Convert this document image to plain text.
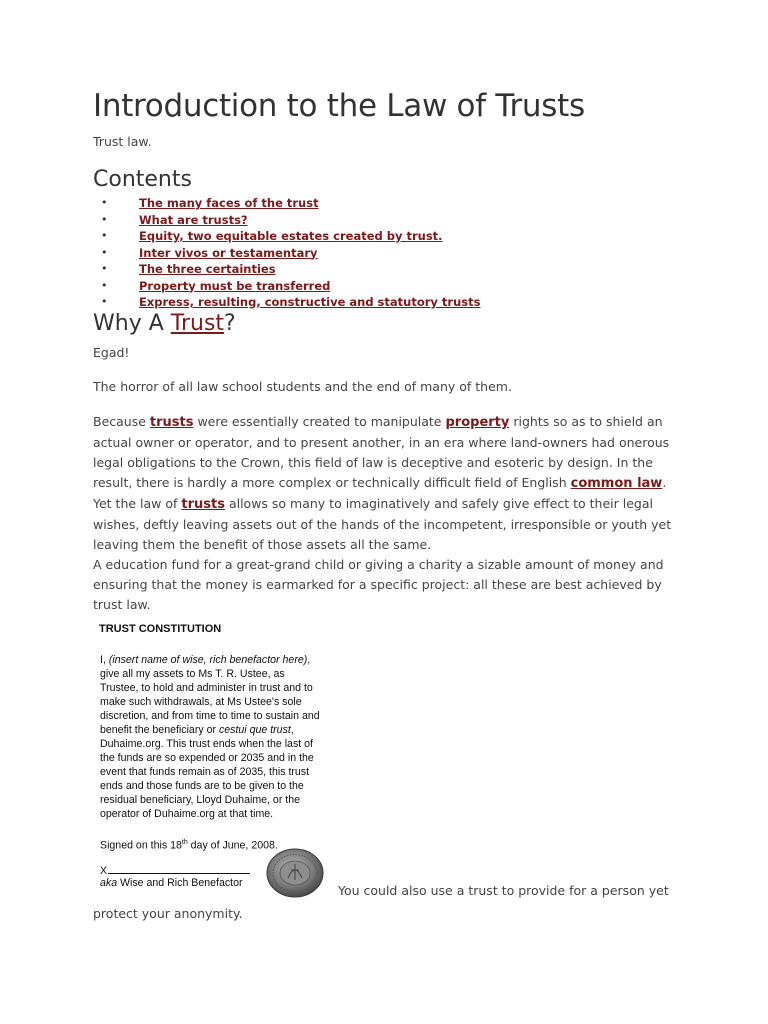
Introduction to the Law of Trusts
Trust law.
Contents
•	The many faces of the trust
•	What are trusts?
•	Equity, two equitable estates created by trust.
•	Inter vivos or testamentary
•	The three certainties
•	Property must be transferred
•	Express, resulting, constructive and statutory trusts
Why A Trust?

Egad!

The horror of all law school students and the end of many of them.

Because trusts were essentially created to manipulate property rights so as to shield an actual owner or operator, and to present another, in an era where land-owners had onerous legal obligations to the Crown, this field of law is deceptive and esoteric by design. In the result, there is hardly a more complex or technically difficult field of English common law.
Yet the law of trusts allows so many to imaginatively and safely give effect to their legal wishes, deftly leaving assets out of the hands of the incompetent, irresponsible or youth yet leaving them the benefit of those assets all the same.
A education fund for a great-grand child or giving a charity a sizable amount of money and ensuring that the money is earmarked for a specific project: all these are best achieved by trust law.

TRUST CONSTITUTION
I, (insert name of wise, rich benefactor here),
give all my assets to Ms T. R. Ustee, as
Trustee, to hold and administer in trust and to
make such withdrawals, at Ms Ustee's sole
discretion, and from time to time to sustain and
benefit the beneficiary or cestui que trust,
Duhaime.org. This trust ends when the last of
the funds are so expended or 2035 and in the
event that funds remain as of 2035, this trust
ends and those funds are to be given to the
residual beneficiary, Lloyd Duhaime, or the
operator of Duhaime.org at that time.
Signed on this 18th day of June, 2008.
X
aka Wise and Rich Benefactor	You could also use a trust to provide for a person yet
protect your anonymity.
